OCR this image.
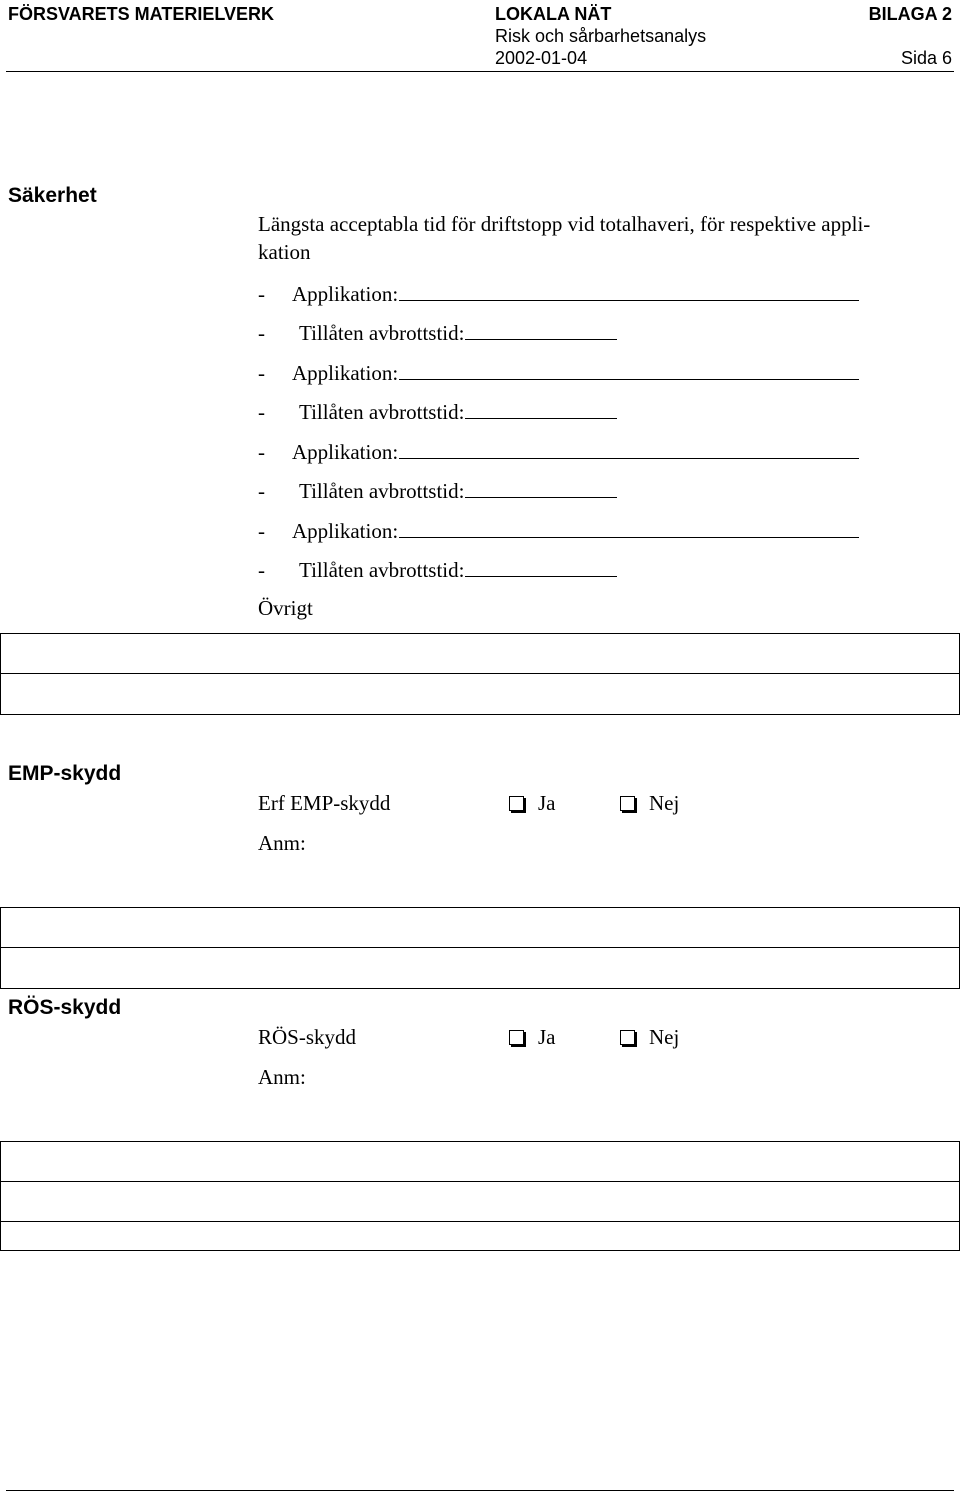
FÖRSVARETS MATERIELVERK	LOKALA NÄT
Risk och sårbarhetsanalys
2002-01-04
BILAGA 2
Sida 6
Säkerhet
Längsta acceptabla tid för driftstopp vid totalhaveri, för respektive appli-
kation
-	Applikation:
-	Tillåten avbrottstid:
-	Applikation:
-	Tillåten avbrottstid:
-	Applikation:
-	Tillåten avbrottstid:
-	Applikation:
-	Tillåten avbrottstid:
Övrigt
EMP-skydd
Erf EMP-skydd	Ja	Nej
Anm:
RÖS-skydd
RÖS-skydd	Ja	Nej
Anm:
